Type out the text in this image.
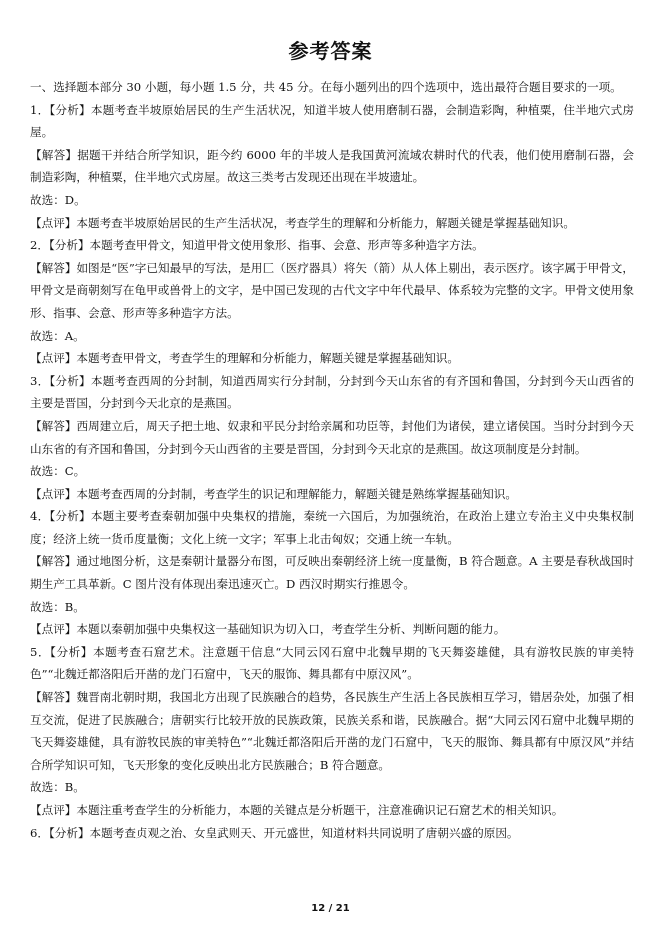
参考答案

一、选择题本部分 30 小题，每小题 1.5 分，共 45 分。在每小题列出的四个选项中，选出最符合题目要求的一项。

1．【分析】本题考查半坡原始居民的生产生活状况，知道半坡人使用磨制石器，会制造彩陶，种植粟，住半地穴式房屋。

【解答】据题干并结合所学知识，距今约 6000 年的半坡人是我国黄河流域农耕时代的代表，他们使用磨制石器，会制造彩陶，种植粟，住半地穴式房屋。故这三类考古发现还出现在半坡遗址。

故选：D。

【点评】本题考查半坡原始居民的生产生活状况，考查学生的理解和分析能力，解题关键是掌握基础知识。

2．【分析】本题考查甲骨文，知道甲骨文使用象形、指事、会意、形声等多种造字方法。

【解答】如图是“医”字已知最早的写法，是用匚（医疗器具）将矢（箭）从人体上剔出，表示医疗。该字属于甲骨文，甲骨文是商朝刻写在龟甲或兽骨上的文字，是中国已发现的古代文字中年代最早、体系较为完整的文字。甲骨文使用象形、指事、会意、形声等多种造字方法。

故选：A。

【点评】本题考查甲骨文，考查学生的理解和分析能力，解题关键是掌握基础知识。

3．【分析】本题考查西周的分封制，知道西周实行分封制，分封到今天山东省的有齐国和鲁国，分封到今天山西省的主要是晋国，分封到今天北京的是燕国。

【解答】西周建立后，周天子把土地、奴隶和平民分封给亲属和功臣等，封他们为诸侯，建立诸侯国。当时分封到今天山东省的有齐国和鲁国，分封到今天山西省的主要是晋国，分封到今天北京的是燕国。故这项制度是分封制。

故选：C。

【点评】本题考查西周的分封制，考查学生的识记和理解能力，解题关键是熟练掌握基础知识。

4．【分析】本题主要考查秦朝加强中央集权的措施，秦统一六国后，为加强统治，在政治上建立专治主义中央集权制度；经济上统一货币度量衡；文化上统一文字；军事上北击匈奴；交通上统一车轨。

【解答】通过地图分析，这是秦朝计量器分布图，可反映出秦朝经济上统一度量衡，B 符合题意。A 主要是春秋战国时期生产工具革新。C 图片没有体现出秦迅速灭亡。D 西汉时期实行推恩令。

故选：B。

【点评】本题以秦朝加强中央集权这一基础知识为切入口，考查学生分析、判断问题的能力。

5．【分析】本题考查石窟艺术。注意题干信息“大同云冈石窟中北魏早期的飞天舞姿雄健，具有游牧民族的审美特色”“北魏迁都洛阳后开凿的龙门石窟中，飞天的服饰、舞具都有中原汉风”。

【解答】魏晋南北朝时期，我国北方出现了民族融合的趋势，各民族生产生活上各民族相互学习，错居杂处，加强了相互交流，促进了民族融合；唐朝实行比较开放的民族政策，民族关系和谐，民族融合。据“大同云冈石窟中北魏早期的飞天舞姿雄健，具有游牧民族的审美特色”“北魏迁都洛阳后开凿的龙门石窟中，飞天的服饰、舞具都有中原汉风”并结合所学知识可知，飞天形象的变化反映出北方民族融合；B 符合题意。

故选：B。

【点评】本题注重考查学生的分析能力，本题的关键点是分析题干，注意准确识记石窟艺术的相关知识。

6．【分析】本题考查贞观之治、女皇武则天、开元盛世，知道材料共同说明了唐朝兴盛的原因。

12 / 21
